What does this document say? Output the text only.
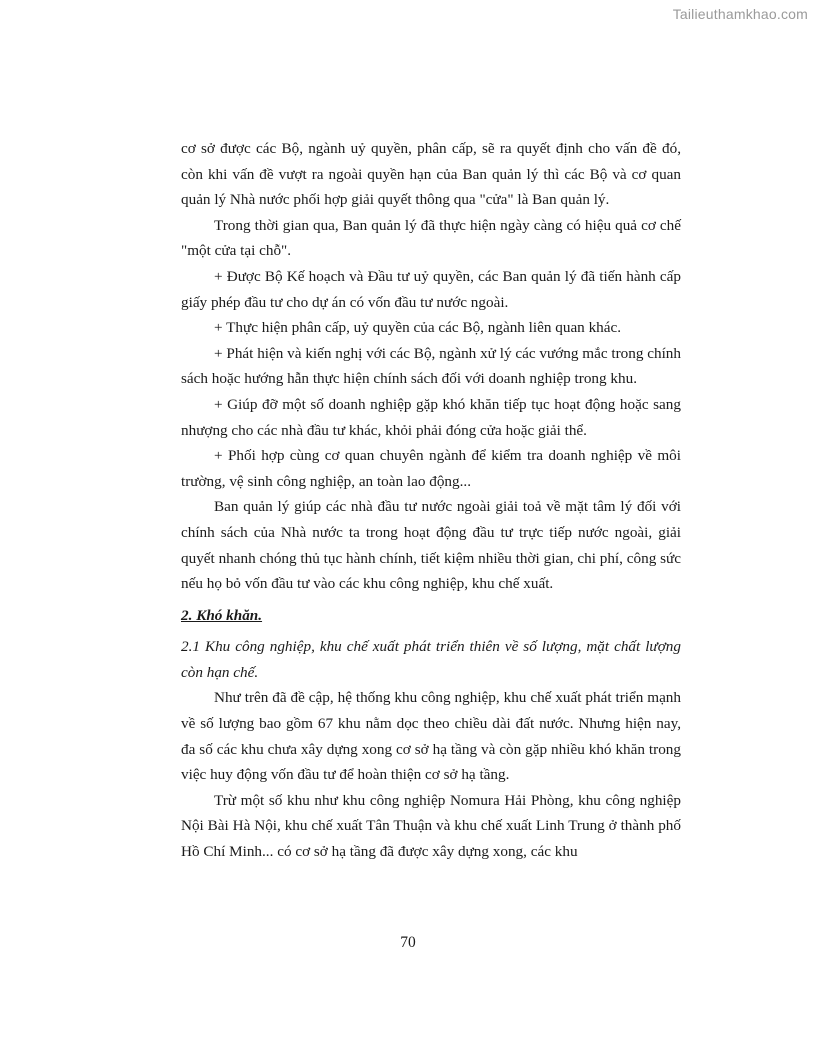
Tailieuthamkhao.com

cơ sở được các Bộ, ngành uỷ quyền, phân cấp, sẽ ra quyết định cho vấn đề đó, còn khi vấn đề vượt ra ngoài quyền hạn của Ban quản lý thì các Bộ và cơ quan quản lý Nhà nước phối hợp giải quyết thông qua "cửa" là Ban quản lý.

Trong thời gian qua, Ban quản lý đã thực hiện ngày càng có hiệu quả cơ chế "một cửa tại chỗ".

+ Được Bộ Kế hoạch và Đầu tư uỷ quyền, các Ban quản lý đã tiến hành cấp giấy phép đầu tư cho dự án có vốn đầu tư nước ngoài.

+ Thực hiện phân cấp, uỷ quyền của các Bộ, ngành liên quan khác.

+ Phát hiện và kiến nghị với các Bộ, ngành xử lý các vướng mắc trong chính sách hoặc hướng hẫn thực hiện chính sách đối với doanh nghiệp trong khu.

+ Giúp đỡ một số doanh nghiệp gặp khó khăn tiếp tục hoạt động hoặc sang nhượng cho các nhà đầu tư khác, khỏi phải đóng cửa hoặc giải thể.

+ Phối hợp cùng cơ quan chuyên ngành để kiểm tra doanh nghiệp về môi trường, vệ sinh công nghiệp, an toàn lao động...

Ban quản lý giúp các nhà đầu tư nước ngoài giải toả về mặt tâm lý đối với chính sách của Nhà nước ta trong hoạt động đầu tư trực tiếp nước ngoài, giải quyết nhanh chóng thủ tục hành chính, tiết kiệm nhiều thời gian, chi phí, công sức nếu họ bỏ vốn đầu tư vào các khu công nghiệp, khu chế xuất.

2. Khó khăn.

2.1 Khu công nghiệp, khu chế xuất phát triển thiên về số lượng, mặt chất lượng còn hạn chế.

Như trên đã đề cập, hệ thống khu công nghiệp, khu chế xuất phát triển mạnh về số lượng bao gồm 67 khu nằm dọc theo chiều dài đất nước. Nhưng hiện nay, đa số các khu chưa xây dựng xong cơ sở hạ tầng và còn gặp nhiều khó khăn trong việc huy động vốn đầu tư để hoàn thiện cơ sở hạ tầng.

Trừ một số khu như khu công nghiệp Nomura Hải Phòng, khu công nghiệp Nội Bài Hà Nội, khu chế xuất Tân Thuận và khu chế xuất Linh Trung ở thành phố Hồ Chí Minh... có cơ sở hạ tầng đã được xây dựng xong, các khu

70
